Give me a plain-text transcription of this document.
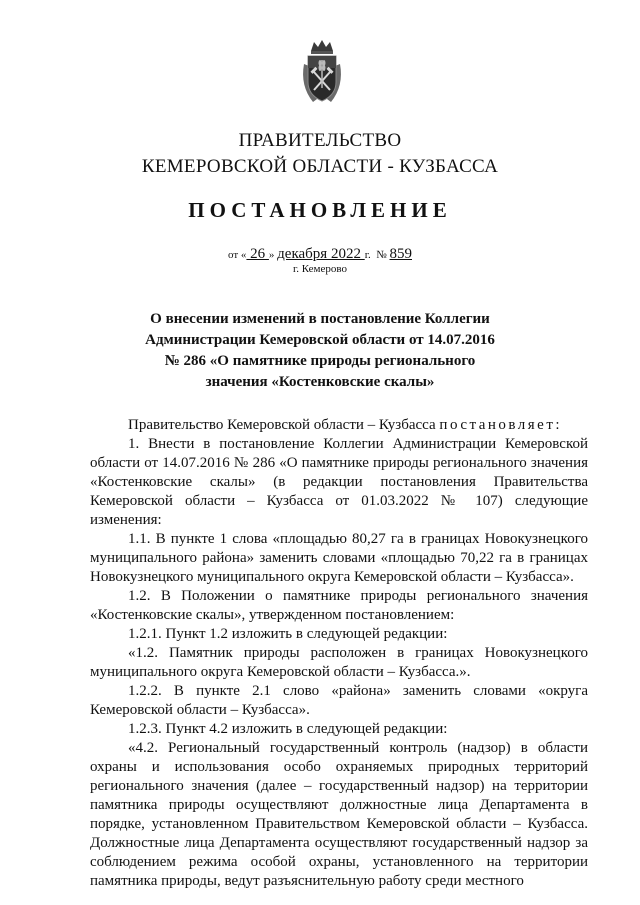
ПРАВИТЕЛЬСТВО
КЕМЕРОВСКОЙ ОБЛАСТИ - КУЗБАССА
ПОСТАНОВЛЕНИЕ
от « 26 » декабря 2022 г.  № 859
г. Кемерово
О внесении изменений в постановление Коллегии
Администрации Кемеровской области от 14.07.2016
№ 286 «О памятнике природы регионального
значения «Костенковские скалы»

Правительство Кемеровской области – Кузбасса постановляет:

1. Внести в постановление Коллегии Администрации Кемеровской области от 14.07.2016 № 286 «О памятнике природы регионального значения «Костенковские скалы» (в редакции постановления Правительства Кемеровской области – Кузбасса от 01.03.2022 № 107) следующие изменения:

1.1. В пункте 1 слова «площадью 80,27 га в границах Новокузнецкого муниципального района» заменить словами «площадью 70,22 га в границах Новокузнецкого муниципального округа Кемеровской области – Кузбасса».

1.2. В Положении о памятнике природы регионального значения «Костенковские скалы», утвержденном постановлением:

1.2.1. Пункт 1.2 изложить в следующей редакции:

«1.2. Памятник природы расположен в границах Новокузнецкого муниципального округа Кемеровской области – Кузбасса.».

1.2.2. В пункте 2.1 слово «района» заменить словами «округа Кемеровской области – Кузбасса».

1.2.3. Пункт 4.2 изложить в следующей редакции:

«4.2. Региональный государственный контроль (надзор) в области охраны и использования особо охраняемых природных территорий регионального значения (далее – государственный надзор) на территории памятника природы осуществляют должностные лица Департамента в порядке, установленном Правительством Кемеровской области – Кузбасса. Должностные лица Департамента осуществляют государственный надзор за соблюдением режима особой охраны, установленного на территории памятника природы, ведут разъяснительную работу среди местного
